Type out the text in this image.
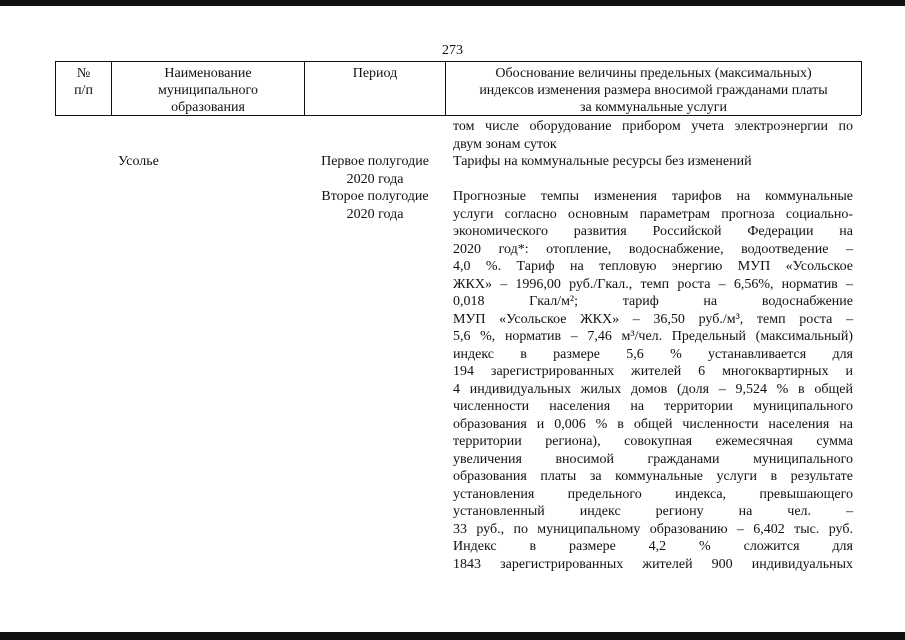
273
№
п/п
Наименование
муниципального
образования
Период	Обоснование величины предельных (максимальных)
индексов изменения размера вносимой гражданами платы
за коммунальные услуги
том числе оборудование прибором учета электроэнергии по
двум зонам суток
Усолье	Первое полугодие
2020 года
Второе полугодие
2020 года
Тарифы на коммунальные ресурсы без изменений
Прогнозные темпы изменения тарифов на коммунальные
услуги согласно основным параметрам прогноза социально-
экономического развития Российской Федерации на
2020 год*: отопление, водоснабжение, водоотведение –
4,0 %. Тариф на тепловую энергию МУП «Усольское
ЖКХ» – 1996,00 руб./Гкал., темп роста – 6,56%, норматив –
0,018 Гкал/м²; тариф на водоснабжение
МУП «Усольское ЖКХ» – 36,50 руб./м³, темп роста –
5,6 %, норматив – 7,46 м³/чел. Предельный (максимальный)
индекс в размере 5,6 % устанавливается для
194 зарегистрированных жителей 6 многоквартирных и
4 индивидуальных жилых домов (доля – 9,524 % в общей
численности населения на территории муниципального
образования и 0,006 % в общей численности населения на
территории региона), совокупная ежемесячная сумма
увеличения вносимой гражданами муниципального
образования платы за коммунальные услуги в результате
установления предельного индекса, превышающего
установленный индекс региону на чел. –
33 руб., по муниципальному образованию – 6,402 тыс. руб.
Индекс в размере 4,2 % сложится для
1843 зарегистрированных жителей 900 индивидуальных
